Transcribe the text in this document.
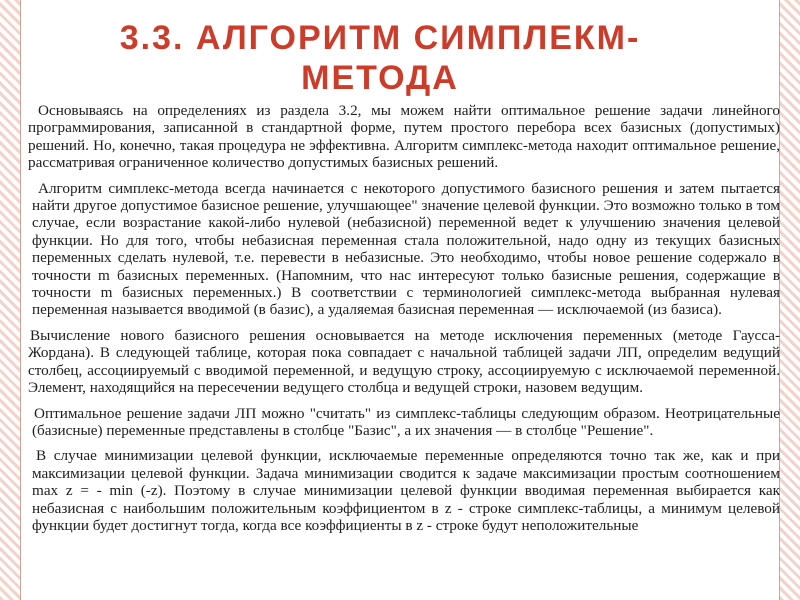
3.3. АЛГОРИТМ СИМПЛЕКМ-МЕТОДА

Основываясь на определениях из раздела 3.2, мы можем найти оптимальное решение задачи линейного программирования, записанной в стандартной форме, путем простого перебора всех базисных (допустимых) решений. Но, конечно, такая процедура не эффективна. Алгоритм симплекс-метода находит оптимальное решение, рассматривая ограниченное количество допустимых базисных решений.

Алгоритм симплекс-метода всегда начинается с некоторого допустимого базисного решения и затем пытается найти другое допустимое базисное решение, улучшающее" значение целевой функции. Это возможно только в том случае, если возрастание какой-либо нулевой (небазисной) переменной ведет к улучшению значения целевой функции. Но для того, чтобы небазисная переменная стала положительной, надо одну из текущих базисных переменных сделать нулевой, т.е. перевести в небазисные. Это необходимо, чтобы новое решение содержало в точности m базисных переменных. (Напомним, что нас интересуют только базисные решения, содержащие в точности m базисных переменных.) В соответствии с терминологией симплекс-метода выбранная нулевая переменная называется вводимой (в базис), а удаляемая базисная переменная — исключаемой (из базиса).

Вычисление нового базисного решения основывается на методе исключения переменных (методе Гаусса-Жордана). В следующей таблице, которая пока совпадает с начальной таблицей задачи ЛП, определим ведущий столбец, ассоциируемый с вводимой переменной, и ведущую строку, ассоциируемую с исключаемой переменной. Элемент, находящийся на пересечении ведущего столбца и ведущей строки, назовем ведущим.

Оптимальное решение задачи ЛП можно "считать" из симплекс-таблицы следующим образом. Неотрицательные (базисные) переменные представлены в столбце "Базис", а их значения — в столбце "Решение".

В случае минимизации целевой функции, исключаемые переменные определяются точно так же, как и при максимизации целевой функции. Задача минимизации сводится к задаче максимизации простым соотношением max z = - min (-z). Поэтому в случае минимизации целевой функции вводимая переменная выбирается как небазисная с наибольшим положительным коэффициентом в z - строке симплекс-таблицы, а минимум целевой функции будет достигнут тогда, когда все коэффициенты в z - строке будут неположительные
